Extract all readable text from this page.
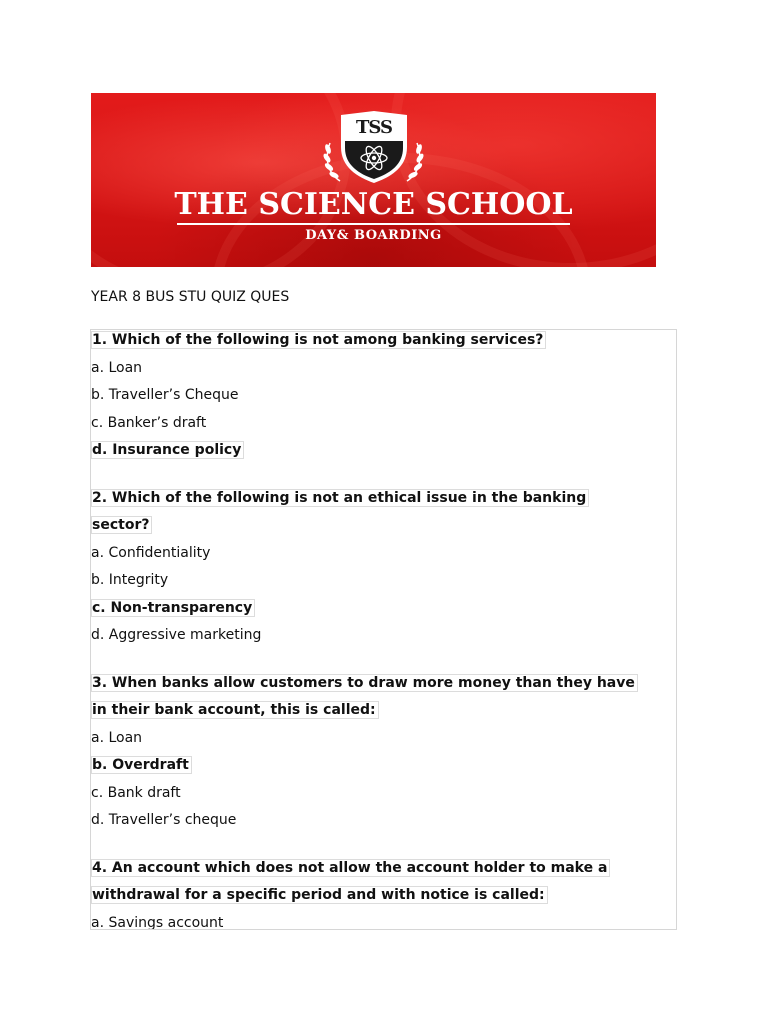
TSS
THE SCIENCE SCHOOL
DAY& BOARDING
YEAR 8 BUS STU QUIZ QUES
1. Which of the following is not among banking services?
a. Loan
b. Traveller’s Cheque
c. Banker’s draft
d. Insurance policy
2. Which of the following is not an ethical issue in the banking
sector?
a. Confidentiality
b. Integrity
c. Non-transparency
d. Aggressive marketing
3. When banks allow customers to draw more money than they have
in their bank account, this is called:
a. Loan
b. Overdraft
c. Bank draft
d. Traveller’s cheque
4. An account which does not allow the account holder to make a
withdrawal for a specific period and with notice is called:
a. Savings account
